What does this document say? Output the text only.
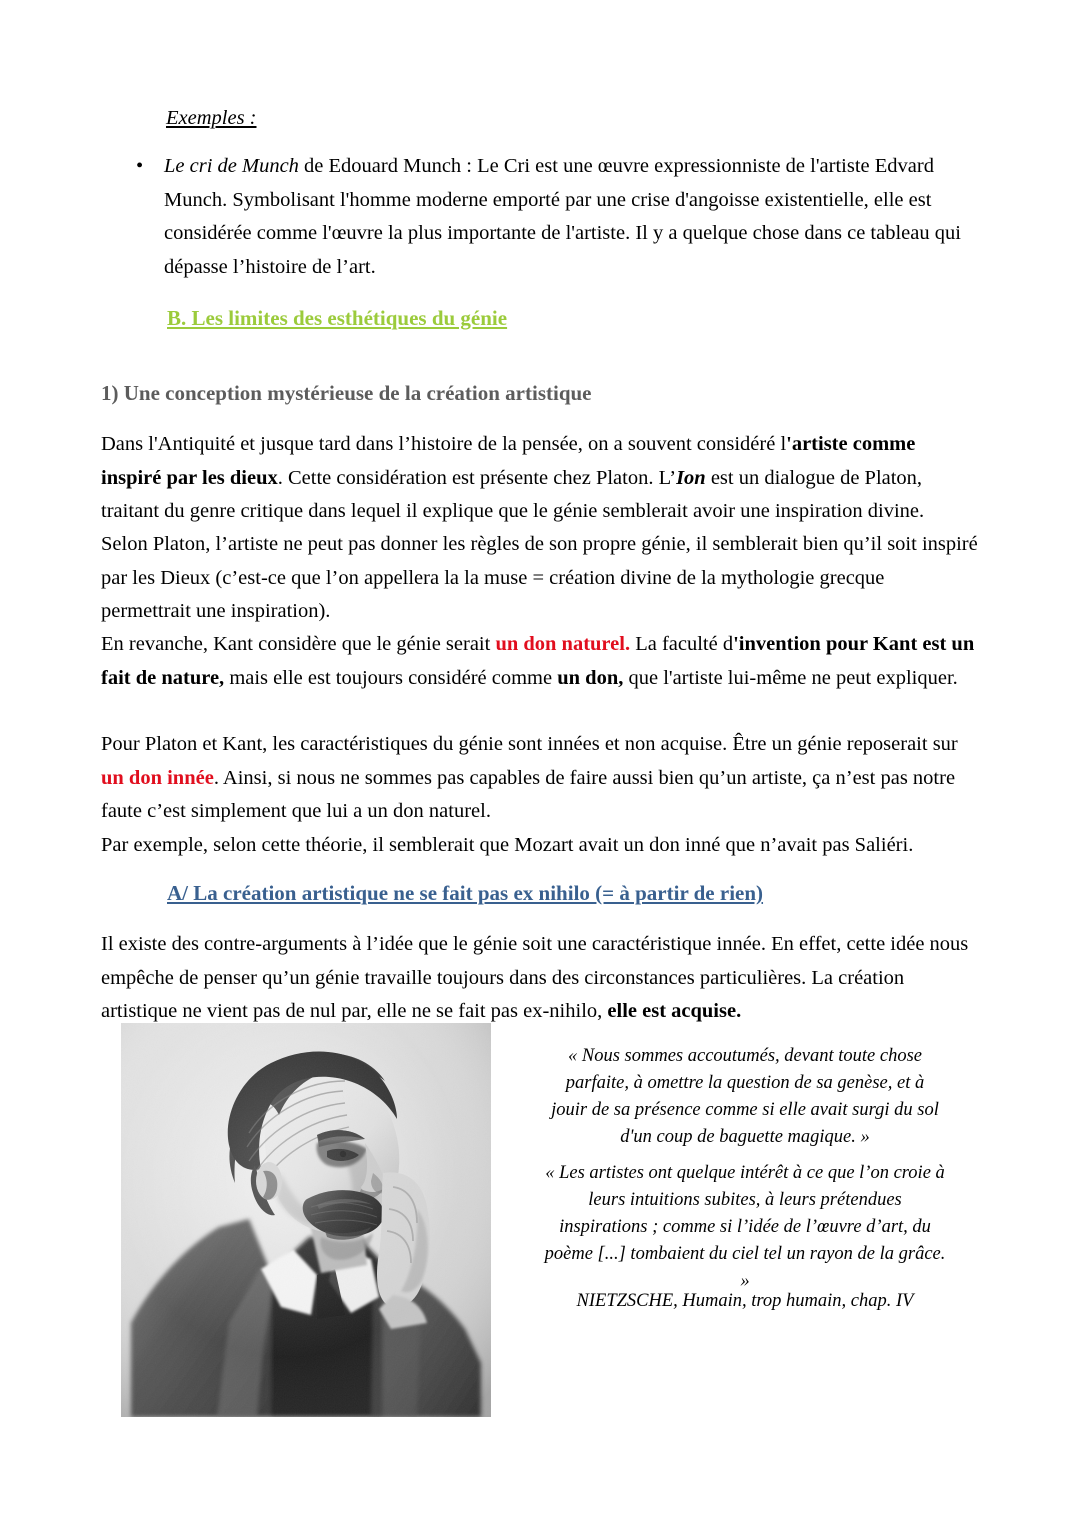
Exemples :
•	Le cri de Munch de Edouard Munch : Le Cri est une œuvre expressionniste de l'artiste Edvard Munch. Symbolisant l'homme moderne emporté par une crise d'angoisse existentielle, elle est considérée comme l'œuvre la plus importante de l'artiste. Il y a quelque chose dans ce tableau qui dépasse l’histoire de l’art.
B. Les limites des esthétiques du génie
1) Une conception mystérieuse de la création artistique
Dans l'Antiquité et jusque tard dans l’histoire de la pensée, on a souvent considéré l'artiste comme inspiré par les dieux. Cette considération est présente chez Platon. L’Ion est un dialogue de Platon, traitant du genre critique dans lequel il explique que le génie semblerait avoir une inspiration divine.
Selon Platon, l’artiste ne peut pas donner les règles de son propre génie, il semblerait bien qu’il soit inspiré par les Dieux (c’est-ce que l’on appellera la la muse = création divine de la mythologie grecque permettrait une inspiration).
En revanche, Kant considère que le génie serait un don naturel. La faculté d'invention pour Kant est un fait de nature, mais elle est toujours considéré comme un don, que l'artiste lui-même ne peut expliquer.
Pour Platon et Kant, les caractéristiques du génie sont innées et non acquise. Être un génie reposerait sur un don innée. Ainsi, si nous ne sommes pas capables de faire aussi bien qu’un artiste, ça n’est pas notre faute c’est simplement que lui a un don naturel.
Par exemple, selon cette théorie, il semblerait que Mozart avait un don inné que n’avait pas Saliéri.
A/ La création artistique ne se fait pas ex nihilo (= à partir de rien)
Il existe des contre-arguments à l’idée que le génie soit une caractéristique innée. En effet, cette idée nous empêche de penser qu’un génie travaille toujours dans des circonstances particulières. La création artistique ne vient pas de nul par, elle ne se fait pas ex-nihilo, elle est acquise.
« Nous sommes accoutumés, devant toute chose
parfaite, à omettre la question de sa genèse, et à
jouir de sa présence comme si elle avait surgi du sol
d'un coup de baguette magique. »
« Les artistes ont quelque intérêt à ce que l’on croie à
leurs intuitions subites, à leurs prétendues
inspirations ; comme si l’idée de l’œuvre d’art, du
poème [...] tombaient du ciel tel un rayon de la grâce.
»
NIETZSCHE, Humain, trop humain, chap. IV
